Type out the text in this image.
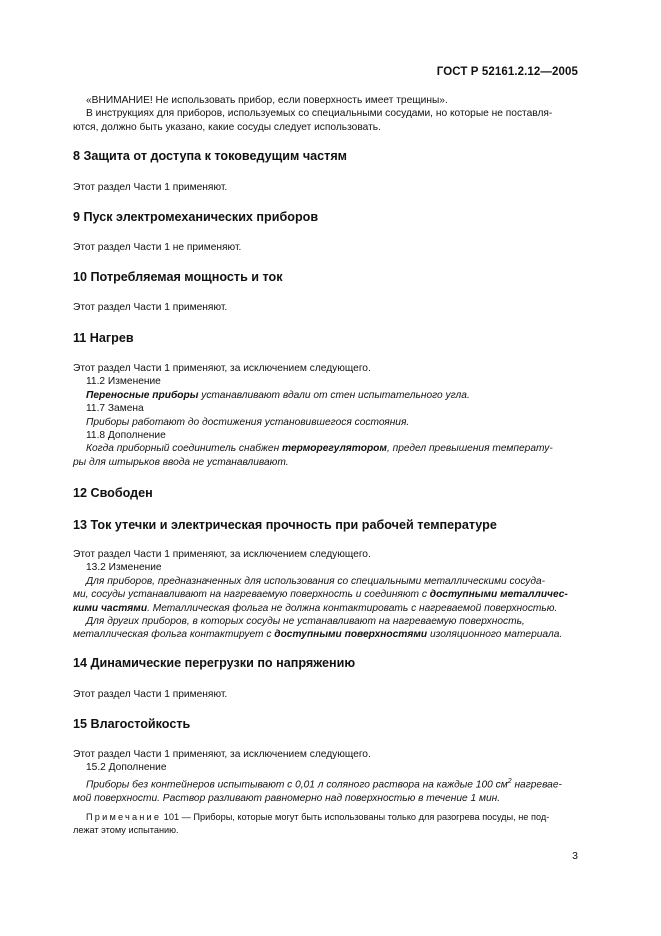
ГОСТ Р 52161.2.12—2005

«ВНИМАНИЕ! Не использовать прибор, если поверхность имеет трещины».

В инструкциях для приборов, используемых со специальными сосудами, но которые не поставля-

ются, должно быть указано, какие сосуды следует использовать.

8 Защита от доступа к токоведущим частям
Этот раздел Части 1 применяют.
9 Пуск электромеханических приборов
Этот раздел Части 1 не применяют.
10 Потребляемая мощность и ток
Этот раздел Части 1 применяют.
11 Нагрев

Этот раздел Части 1 применяют, за исключением следующего.

11.2 Изменение

Переносные приборы устанавливают вдали от стен испытательного угла.

11.7 Замена

Приборы работают до достижения установившегося состояния.

11.8 Дополнение

Когда приборный соединитель снабжен терморегулятором, предел превышения температу-

ры для штырьков ввода не устанавливают.

12 Свободен
13 Ток утечки и электрическая прочность при рабочей температуре

Этот раздел Части 1 применяют, за исключением следующего.

13.2 Изменение

Для приборов, предназначенных для использования со специальными металлическими сосуда-

ми, сосуды устанавливают на нагреваемую поверхность и соединяют с доступными металличес-

кими частями. Металлическая фольга не должна контактировать с нагреваемой поверхностью.

Для других приборов, в которых сосуды не устанавливают на нагреваемую поверхность,

металлическая фольга контактирует с доступными поверхностями изоляционного материала.

14 Динамические перегрузки по напряжению
Этот раздел Части 1 применяют.
15 Влагостойкость

Этот раздел Части 1 применяют, за исключением следующего.

15.2 Дополнение

Приборы без контейнеров испытывают с 0,01 л соляного раствора на каждые 100 $см^2$ нагревае-

мой поверхности. Раствор разливают равномерно над поверхностью в течение 1 мин.

Примечание 101 — Приборы, которые могут быть использованы только для разогрева посуды, не под-

лежат этому испытанию.

3
